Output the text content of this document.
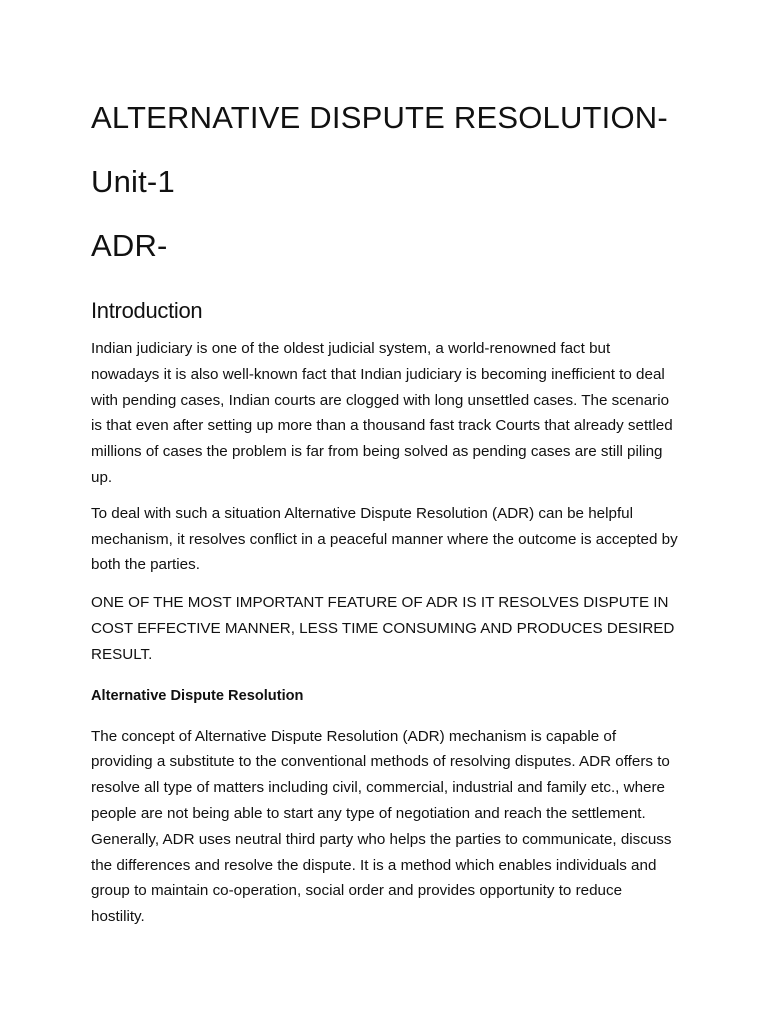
ALTERNATIVE DISPUTE RESOLUTION-
Unit-1
ADR-
Introduction

Indian judiciary is one of the oldest judicial system, a world-renowned fact but nowadays it is also well-known fact that Indian judiciary is becoming inefficient to deal with pending cases, Indian courts are clogged with long unsettled cases. The scenario is that even after setting up more than a thousand fast track Courts that already settled millions of cases the problem is far from being solved as pending cases are still piling up.

To deal with such a situation Alternative Dispute Resolution (ADR) can be helpful mechanism, it resolves conflict in a peaceful manner where the outcome is accepted by both the parties.

ONE OF THE MOST IMPORTANT FEATURE OF ADR IS IT RESOLVES DISPUTE IN COST EFFECTIVE MANNER, LESS TIME CONSUMING AND PRODUCES DESIRED RESULT.

Alternative Dispute Resolution

The concept of Alternative Dispute Resolution (ADR) mechanism is capable of providing a substitute to the conventional methods of resolving disputes. ADR offers to resolve all type of matters including civil, commercial, industrial and family etc., where people are not being able to start any type of negotiation and reach the settlement. Generally, ADR uses neutral third party who helps the parties to communicate, discuss the differences and resolve the dispute. It is a method which enables individuals and group to maintain co-operation, social order and provides opportunity to reduce hostility.
